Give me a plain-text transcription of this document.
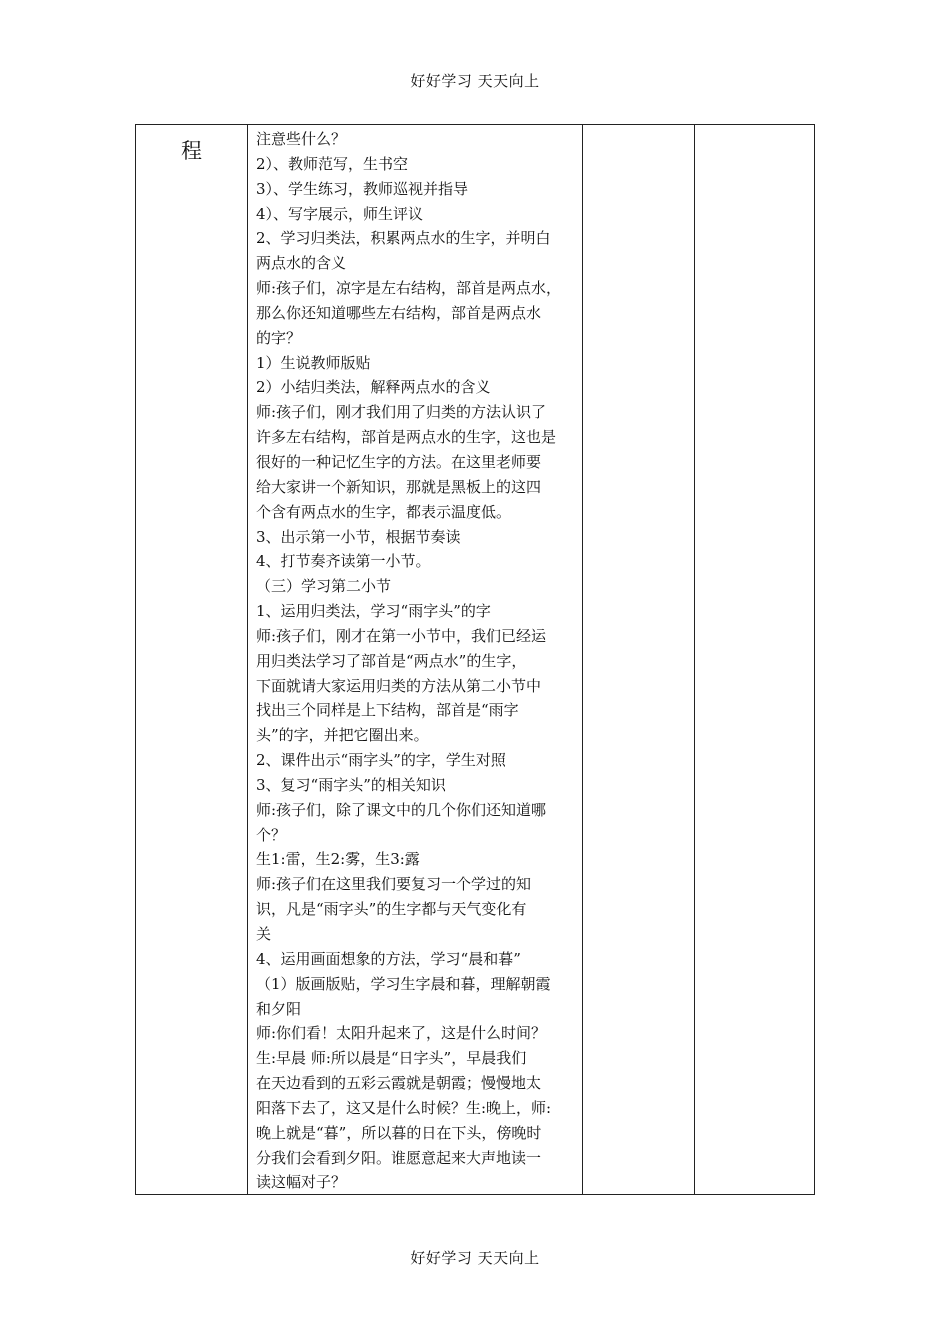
好好学习 天天向上
程	注意些什么？
2）、教师范写，生书空
3）、学生练习，教师巡视并指导
4）、写字展示，师生评议
2、学习归类法，积累两点水的生字，并明白
两点水的含义
师:孩子们，凉字是左右结构，部首是两点水，
那么你还知道哪些左右结构，部首是两点水
的字？
1）生说教师版贴
2）小结归类法，解释两点水的含义
师:孩子们，刚才我们用了归类的方法认识了
许多左右结构，部首是两点水的生字，这也是
很好的一种记忆生字的方法。在这里老师要
给大家讲一个新知识，那就是黑板上的这四
个含有两点水的生字，都表示温度低。
3、出示第一小节，根据节奏读
4、打节奏齐读第一小节。
（三）学习第二小节
1、运用归类法，学习“雨字头”的字
师:孩子们，刚才在第一小节中，我们已经运
用归类法学习了部首是“两点水”的生字，
下面就请大家运用归类的方法从第二小节中
找出三个同样是上下结构，部首是“雨字
头”的字，并把它圈出来。
2、课件出示“雨字头”的字，学生对照
3、复习“雨字头”的相关知识
师:孩子们，除了课文中的几个你们还知道哪
个？
生1:雷，生2:雾，生3:露
师:孩子们在这里我们要复习一个学过的知
识，凡是“雨字头”的生字都与天气变化有
关
4、运用画面想象的方法，学习“晨和暮”
（1）版画版贴，学习生字晨和暮，理解朝霞
和夕阳
师:你们看！太阳升起来了，这是什么时间？
生:早晨 师:所以晨是“日字头”，早晨我们
在天边看到的五彩云霞就是朝霞；慢慢地太
阳落下去了，这又是什么时候？生:晚上，师:
晚上就是“暮”，所以暮的日在下头，傍晚时
分我们会看到夕阳。谁愿意起来大声地读一
读这幅对子？
好好学习 天天向上
